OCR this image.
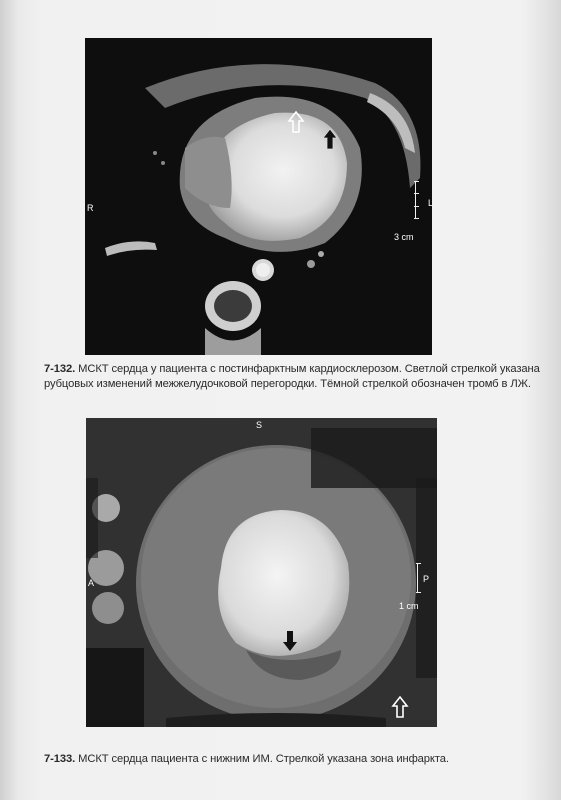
R	L
3 cm
7-132. МСКТ сердца у пациента с постинфарктным кардиосклерозом. Светлой стрелкой указана
рубцовых изменений межжелудочковой перегородки. Тёмной стрелкой обозначен тромб в ЛЖ.
S
A	P
1 cm
7-133. МСКТ сердца пациента с нижним ИМ. Стрелкой указана зона инфаркта.
